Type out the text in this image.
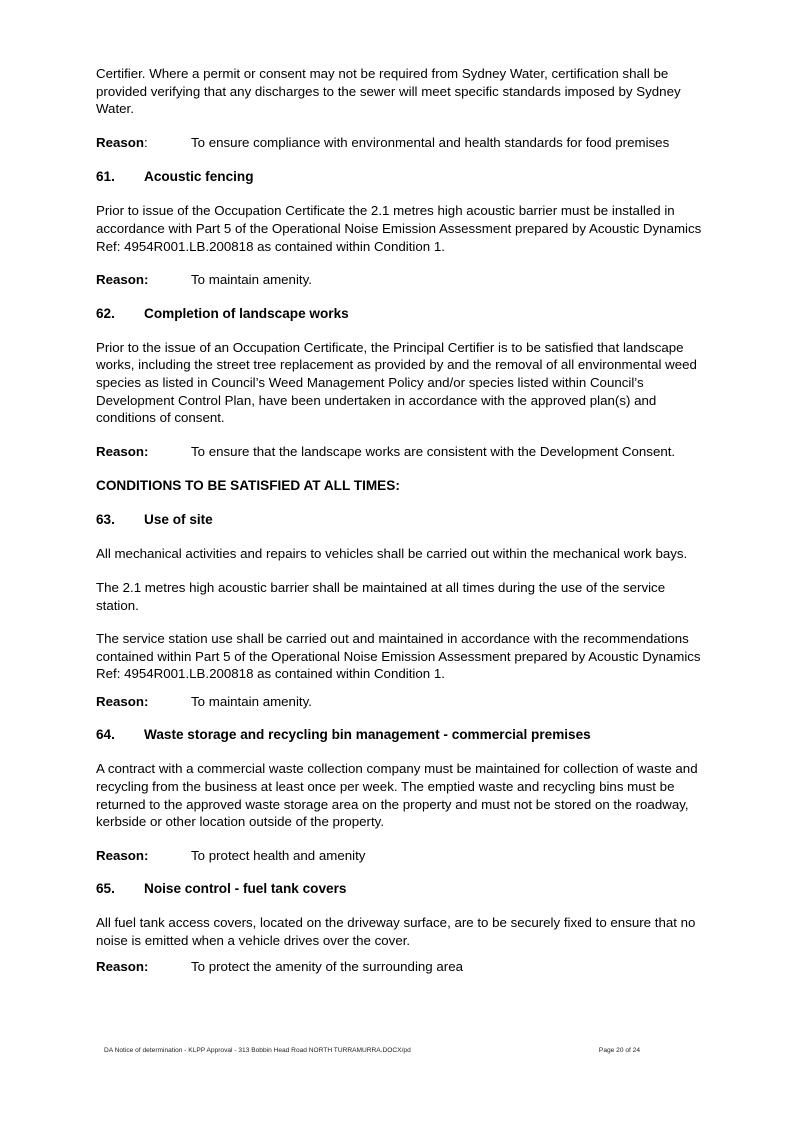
Certifier. Where a permit or consent may not be required from Sydney Water, certification shall be provided verifying that any discharges to the sewer will meet specific standards imposed by Sydney Water.

Reason:	To ensure compliance with environmental and health standards for food premises
61.	Acoustic fencing

Prior to issue of the Occupation Certificate the 2.1 metres high acoustic barrier must be installed in accordance with Part 5 of the Operational Noise Emission Assessment prepared by Acoustic Dynamics Ref: 4954R001.LB.200818 as contained within Condition 1.

Reason:	To maintain amenity.
62.	Completion of landscape works

Prior to the issue of an Occupation Certificate, the Principal Certifier is to be satisfied that landscape works, including the street tree replacement as provided by and the removal of all environmental weed species as listed in Council’s Weed Management Policy and/or species listed within Council’s Development Control Plan, have been undertaken in accordance with the approved plan(s) and conditions of consent.

Reason:	To ensure that the landscape works are consistent with the Development Consent.
CONDITIONS TO BE SATISFIED AT ALL TIMES:
63.	Use of site

All mechanical activities and repairs to vehicles shall be carried out within the mechanical work bays.

The 2.1 metres high acoustic barrier shall be maintained at all times during the use of the service station.

The service station use shall be carried out and maintained in accordance with the recommendations contained within Part 5 of the Operational Noise Emission Assessment prepared by Acoustic Dynamics Ref: 4954R001.LB.200818 as contained within Condition 1.

Reason:	To maintain amenity.
64.	Waste storage and recycling bin management - commercial premises

A contract with a commercial waste collection company must be maintained for collection of waste and recycling from the business at least once per week. The emptied waste and recycling bins must be returned to the approved waste storage area on the property and must not be stored on the roadway, kerbside or other location outside of the property.

Reason:	To protect health and amenity
65.	Noise control - fuel tank covers

All fuel tank access covers, located on the driveway surface, are to be securely fixed to ensure that no noise is emitted when a vehicle drives over the cover.

Reason:	To protect the amenity of the surrounding area
DA Notice of determination - KLPP Approval - 313 Bobbin Head Road NORTH TURRAMURRA.DOCX/pd	Page 20 of 24
